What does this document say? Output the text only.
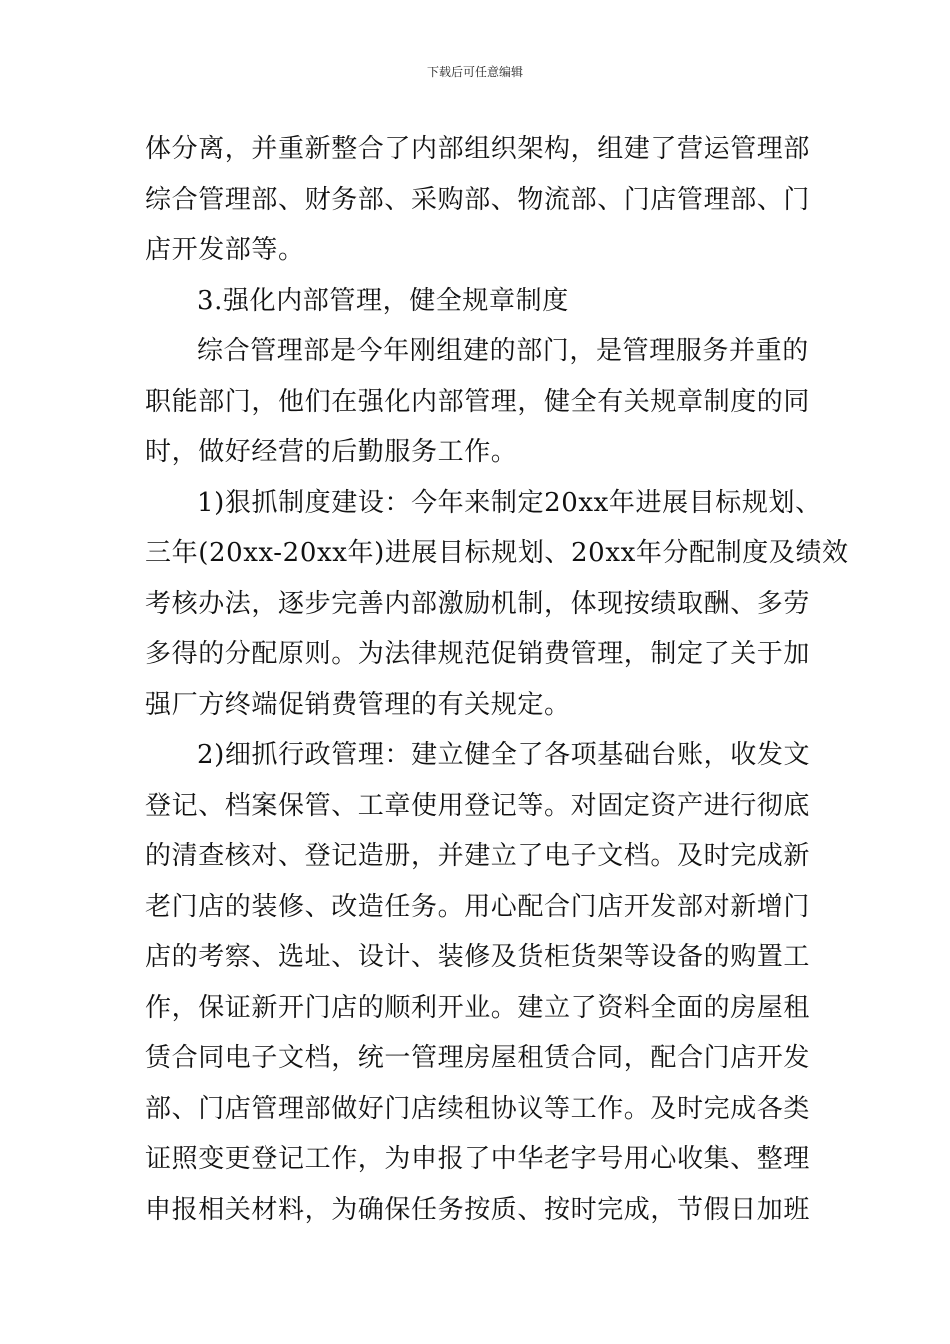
下载后可任意编辑
体分离，并重新整合了内部组织架构，组建了营运管理部
综合管理部、财务部、采购部、物流部、门店管理部、门
店开发部等。
3.强化内部管理，健全规章制度
综合管理部是今年刚组建的部门，是管理服务并重的
职能部门，他们在强化内部管理，健全有关规章制度的同
时，做好经营的后勤服务工作。
1)狠抓制度建设：今年来制定20xx年进展目标规划、
三年(20xx-20xx年)进展目标规划、20xx年分配制度及绩效
考核办法，逐步完善内部激励机制，体现按绩取酬、多劳
多得的分配原则。为法律规范促销费管理，制定了关于加
强厂方终端促销费管理的有关规定。
2)细抓行政管理：建立健全了各项基础台账，收发文
登记、档案保管、工章使用登记等。对固定资产进行彻底
的清查核对、登记造册，并建立了电子文档。及时完成新
老门店的装修、改造任务。用心配合门店开发部对新增门
店的考察、选址、设计、装修及货柜货架等设备的购置工
作，保证新开门店的顺利开业。建立了资料全面的房屋租
赁合同电子文档，统一管理房屋租赁合同，配合门店开发
部、门店管理部做好门店续租协议等工作。及时完成各类
证照变更登记工作，为申报了中华老字号用心收集、整理
申报相关材料，为确保任务按质、按时完成，节假日加班
